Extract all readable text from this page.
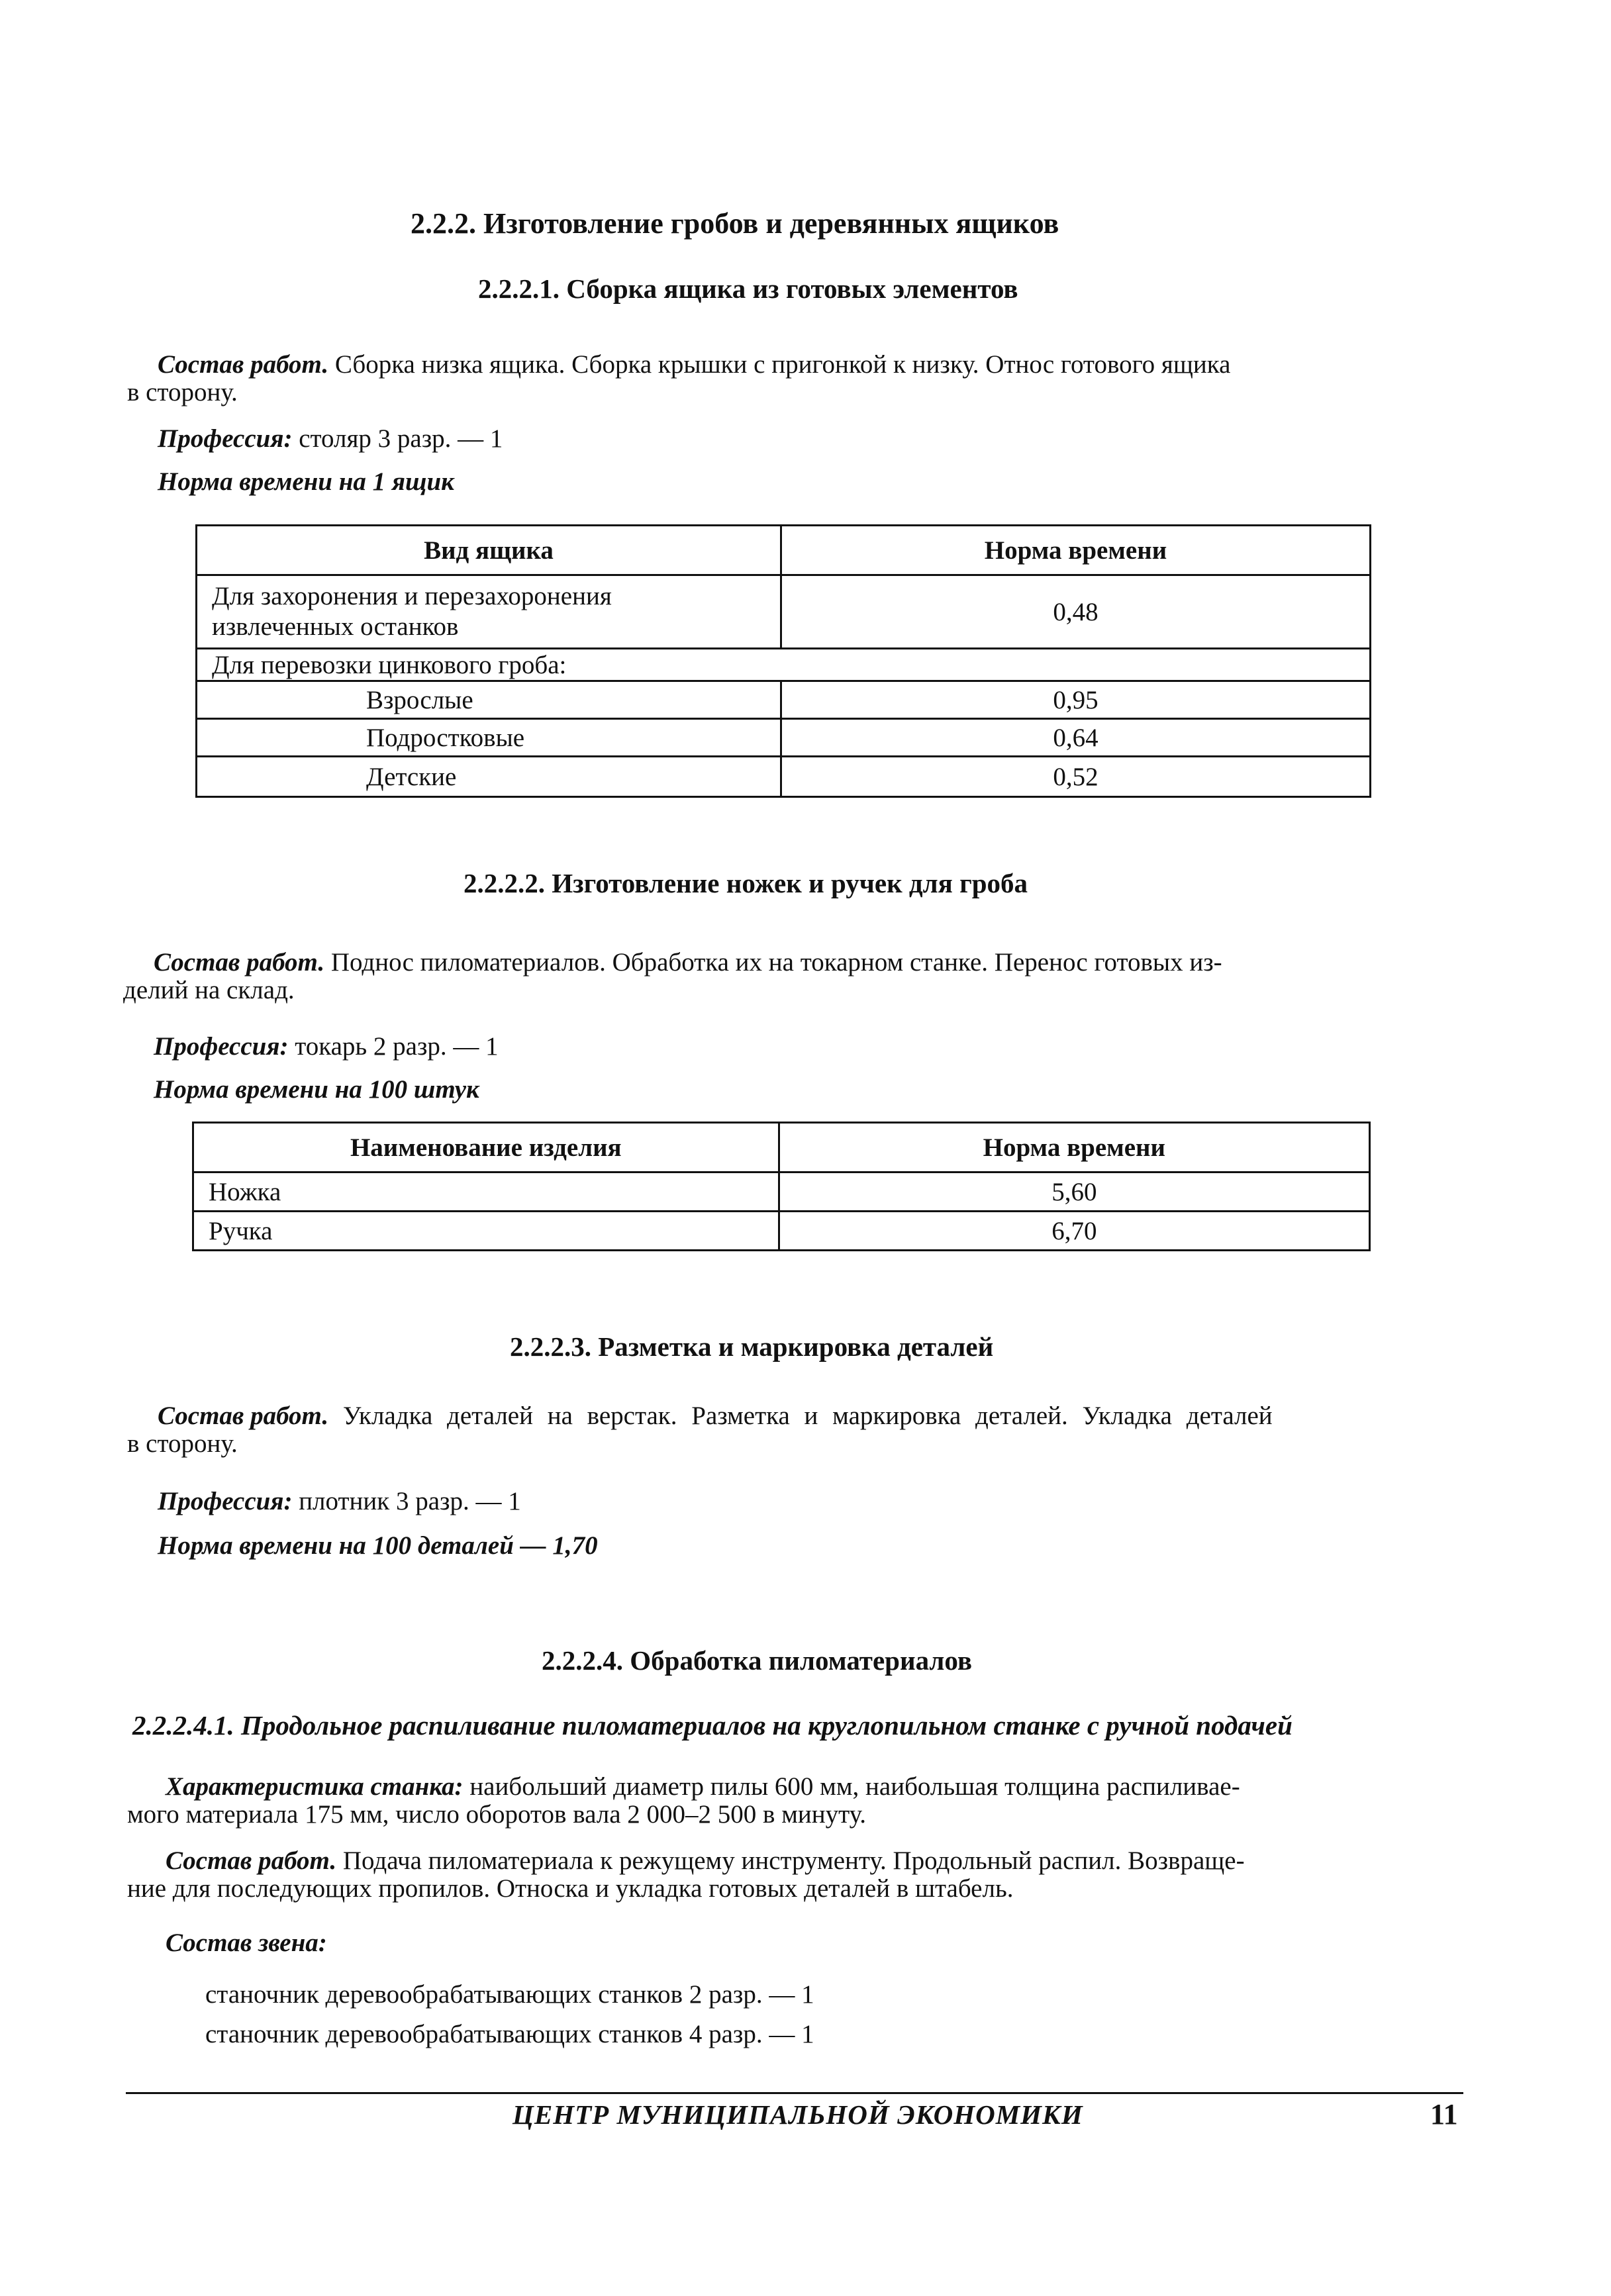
2.2.2. Изготовление гробов и деревянных ящиков
2.2.2.1. Сборка ящика из готовых элементов
Состав работ. Сборка низка ящика. Сборка крышки с пригонкой к низку. Относ готового ящика
в сторону.
Профессия: столяр 3 разр. — 1
Норма времени на 1 ящик
Вид ящика	Норма времени

Для захоронения и перезахоронения
извлеченных останков	0,48
Для перевозки цинкового гроба:	
Взрослые	0,95
Подростковые	0,64
Детские	0,52
2.2.2.2. Изготовление ножек и ручек для гроба
Состав работ. Поднос пиломатериалов. Обработка их на токарном станке. Перенос готовых из-
делий на склад.
Профессия: токарь 2 разр. — 1
Норма времени на 100 штук
Наименование изделия	Норма времени
Ножка	5,60
Ручка	6,70
2.2.2.3. Разметка и маркировка деталей
Состав работ. Укладка деталей на верстак. Разметка и маркировка деталей. Укладка деталей
в сторону.
Профессия: плотник 3 разр. — 1
Норма времени на 100 деталей — 1,70
2.2.2.4. Обработка пиломатериалов
2.2.2.4.1. Продольное распиливание пиломатериалов на круглопильном станке с ручной подачей
Характеристика станка: наибольший диаметр пилы 600 мм, наибольшая толщина распиливае-
мого материала 175 мм, число оборотов вала 2 000–2 500 в минуту.
Состав работ. Подача пиломатериала к режущему инструменту. Продольный распил. Возвраще-
ние для последующих пропилов. Относка и укладка готовых деталей в штабель.
Состав звена:
станочник деревообрабатывающих станков 2 разр. — 1
станочник деревообрабатывающих станков 4 разр. — 1
ЦЕНТР МУНИЦИПАЛЬНОЙ ЭКОНОМИКИ	11
